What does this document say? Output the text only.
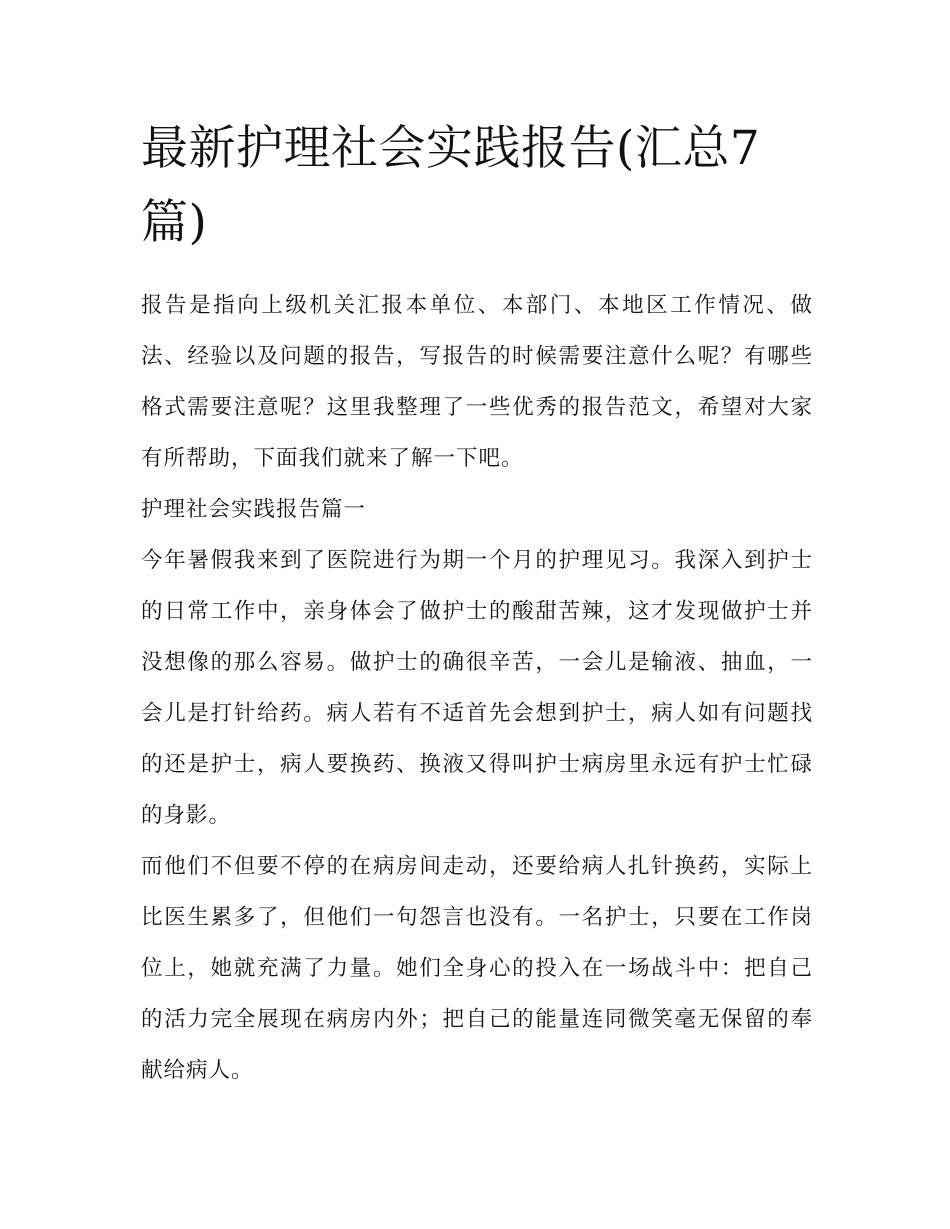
最新护理社会实践报告(汇总7篇)

报告是指向上级机关汇报本单位、本部门、本地区工作情况、做法、经验以及问题的报告，写报告的时候需要注意什么呢？有哪些格式需要注意呢？这里我整理了一些优秀的报告范文，希望对大家有所帮助，下面我们就来了解一下吧。

护理社会实践报告篇一

今年暑假我来到了医院进行为期一个月的护理见习。我深入到护士的日常工作中，亲身体会了做护士的酸甜苦辣，这才发现做护士并没想像的那么容易。做护士的确很辛苦，一会儿是输液、抽血，一会儿是打针给药。病人若有不适首先会想到护士，病人如有问题找的还是护士，病人要换药、换液又得叫护士病房里永远有护士忙碌的身影。

而他们不但要不停的在病房间走动，还要给病人扎针换药，实际上比医生累多了，但他们一句怨言也没有。一名护士，只要在工作岗位上，她就充满了力量。她们全身心的投入在一场战斗中：把自己的活力完全展现在病房内外；把自己的能量连同微笑毫无保留的奉献给病人。
